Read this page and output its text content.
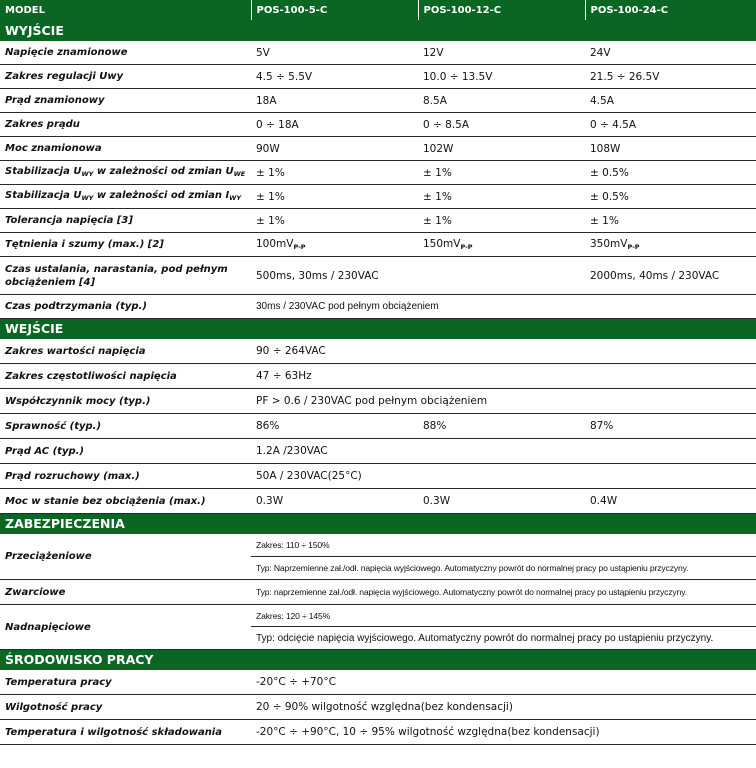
MODEL	POS-100-5-C	POS-100-12-C	POS-100-24-C
WYJŚCIE			
Napięcie znamionowe	5V	12V	24V
Zakres regulacji Uwy	4.5 ÷ 5.5V	10.0 ÷ 13.5V	21.5 ÷ 26.5V
Prąd znamionowy	18A	8.5A	4.5A
Zakres prądu	0 ÷ 18A	0 ÷ 8.5A	0 ÷ 4.5A
Moc znamionowa	90W	102W	108W
Stabilizacja $U_{WY}$ w zależności od zmian $U_{WE}$	± 1%	± 1%	± 0.5%
Stabilizacja $U_{WY}$ w zależności od zmian $I_{WY}$	± 1%	± 1%	± 0.5%
Tolerancja napięcia [3]	± 1%	± 1%	± 1%
Tętnienia i szumy (max.) [2]	$100mV_{P-P}$	$150mV_{P-P}$	$350mV_{P-P}$
Czas ustalania, narastania, pod pełnym obciążeniem [4]	500ms, 30ms / 230VAC		2000ms, 40ms / 230VAC
Czas podtrzymania (typ.)	30ms / 230VAC pod pełnym obciążeniem		
WEJŚCIE			
Zakres wartości napięcia	90 ÷ 264VAC		
Zakres częstotliwości napięcia	47 ÷ 63Hz		
Współczynnik mocy (typ.)	PF > 0.6 / 230VAC pod pełnym obciążeniem		
Sprawność (typ.)	86%	88%	87%
Prąd AC (typ.)	1.2A /230VAC		
Prąd rozruchowy (max.)	50A / 230VAC(25°C)		
Moc w stanie bez obciążenia (max.)	0.3W	0.3W	0.4W
ZABEZPIECZENIA			
Przeciążeniowe	Zakres: 110 ÷ 150%		
	Typ: Naprzemienne zał./odł. napięcia wyjściowego. Automatyczny powrót do normalnej pracy po ustąpieniu przyczyny.		
Zwarciowe	Typ: naprzemienne zał./odł. napięcia wyjściowego. Automatyczny powrót do normalnej pracy po ustąpieniu przyczyny.		
Nadnapięciowe	Zakres: 120 ÷ 145%		
	Typ: odcięcie napięcia wyjściowego. Automatyczny powrót do normalnej pracy po ustąpieniu przyczyny.		
ŚRODOWISKO PRACY			
Temperatura pracy	-20°C ÷ +70°C		
Wilgotność pracy	20 ÷ 90% wilgotność względna(bez kondensacji)		
Temperatura i wilgotność składowania	-20°C ÷ +90°C, 10 ÷ 95% wilgotność względna(bez kondensacji)		
